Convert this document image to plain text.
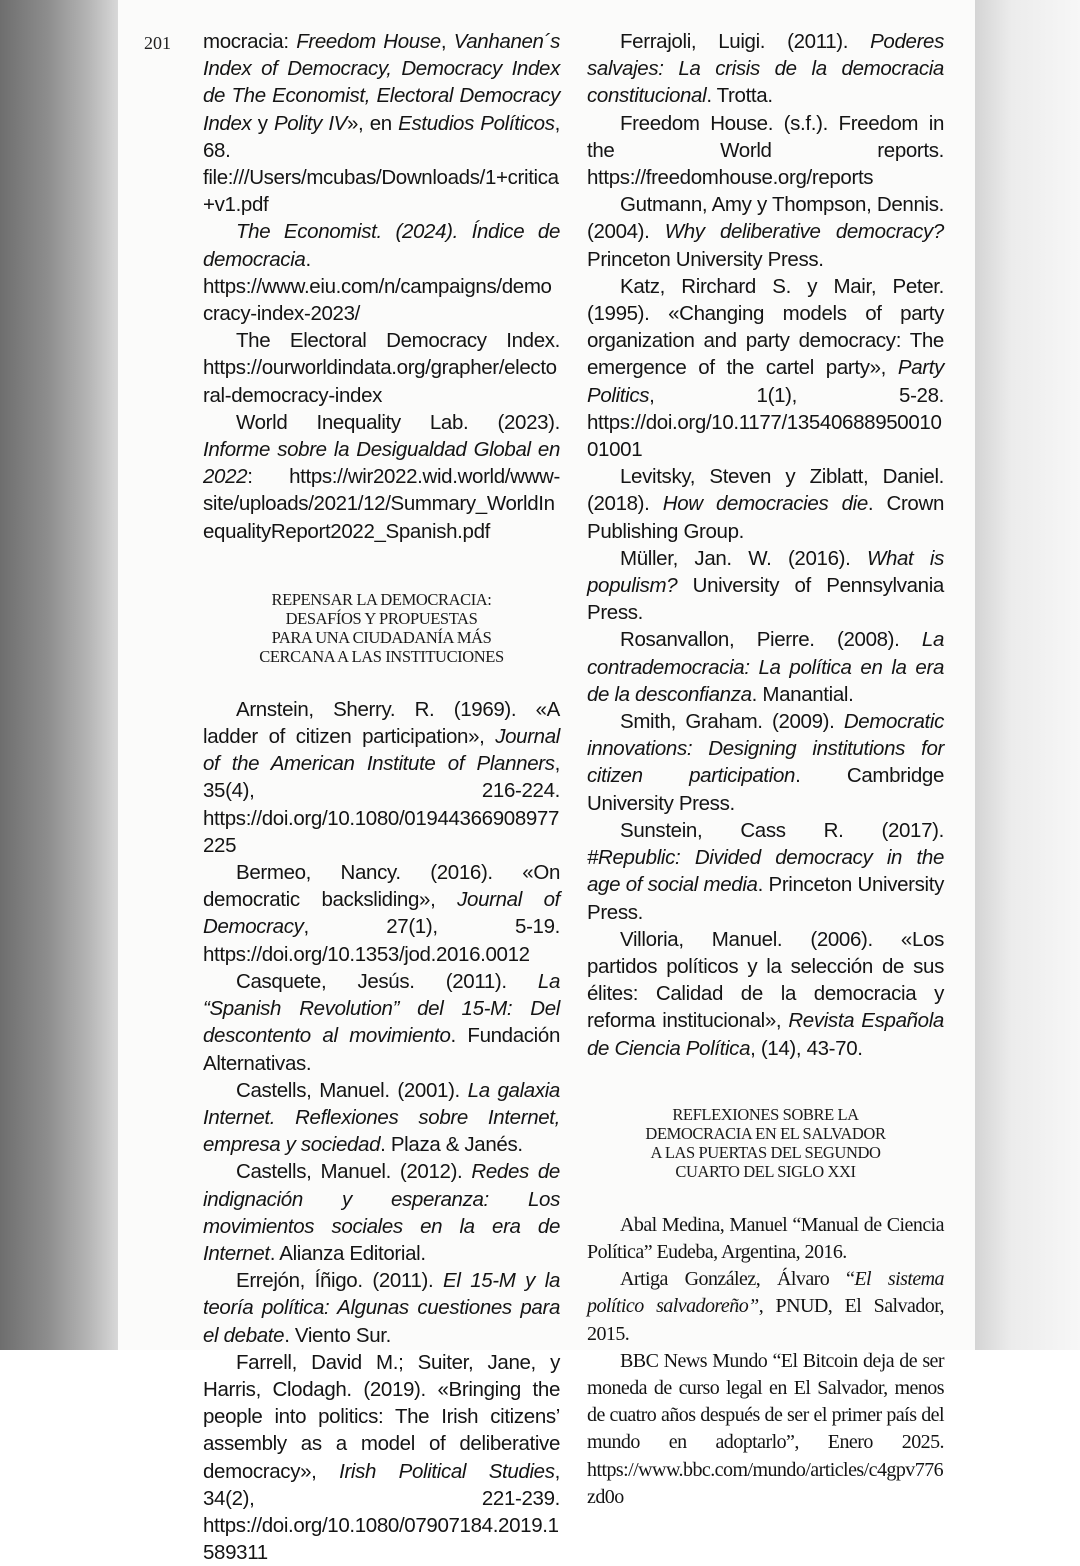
201 mocracia: Freedom House, Vanhanen´s Index of Democracy, Democracy Index de The Economist, Electoral Democracy Index y Polity IV», en Estudios Políticos, 68. file:///Users/mcubas/Downloads/1+critica+v1.pdf

The Economist. (2024). Índice de democracia. https://www.eiu.com/n/campaigns/democracy-index-2023/

The Electoral Democracy Index. https://ourworldindata.org/grapher/electoral-democracy-index

World Inequality Lab. (2023). Informe sobre la Desigualdad Global en 2022: https://wir2022.wid.world/www-site/uploads/2021/12/Summary_WorldInequalityReport2022_Spanish.pdf

REPENSAR LA DEMOCRACIA:
DESAFÍOS Y PROPUESTAS
PARA UNA CIUDADANÍA MÁS
CERCANA A LAS INSTITUCIONES

Arnstein, Sherry. R. (1969). «A ladder of citizen participation», Journal of the American Institute of Planners, 35(4), 216-224. https://doi.org/10.1080/01944366908977225

Bermeo, Nancy. (2016). «On democratic backsliding», Journal of Democracy, 27(1), 5-19. https://doi.org/10.1353/jod.2016.0012

Casquete, Jesús. (2011). La “Spanish Revolution” del 15-M: Del descontento al movimiento. Fundación Alternativas.

Castells, Manuel. (2001). La galaxia Internet. Reflexiones sobre Internet, empresa y sociedad. Plaza & Janés.

Castells, Manuel. (2012). Redes de indignación y esperanza: Los movimientos sociales en la era de Internet. Alianza Editorial.

Errejón, Íñigo. (2011). El 15-M y la teoría política: Algunas cuestiones para el debate. Viento Sur.

Farrell, David M.; Suiter, Jane, y Harris, Clodagh. (2019). «Bringing the people into politics: The Irish citizens’ assembly as a model of deliberative democracy», Irish Political Studies, 34(2), 221-239. https://doi.org/10.1080/07907184.2019.1589311

Ferrajoli, Luigi. (2011). Poderes salvajes: La crisis de la democracia constitucional. Trotta.

Freedom House. (s.f.). Freedom in the World reports. https://freedomhouse.org/reports

Gutmann, Amy y Thompson, Dennis. (2004). Why deliberative democracy? Princeton University Press.

Katz, Rirchard S. y Mair, Peter. (1995). «Changing models of party organization and party democracy: The emergence of the cartel party», Party Politics, 1(1), 5-28. https://doi.org/10.1177/1354068895001001001

Levitsky, Steven y Ziblatt, Daniel. (2018). How democracies die. Crown Publishing Group.

Müller, Jan. W. (2016). What is populism? University of Pennsylvania Press.

Rosanvallon, Pierre. (2008). La contrademocracia: La política en la era de la desconfianza. Manantial.

Smith, Graham. (2009). Democratic innovations: Designing institutions for citizen participation. Cambridge University Press.

Sunstein, Cass R. (2017). #Republic: Divided democracy in the age of social media. Princeton University Press.

Villoria, Manuel. (2006). «Los partidos políticos y la selección de sus élites: Calidad de la democracia y reforma institucional», Revista Española de Ciencia Política, (14), 43-70.

REFLEXIONES SOBRE LA
DEMOCRACIA EN EL SALVADOR
A LAS PUERTAS DEL SEGUNDO
CUARTO DEL SIGLO XXI

Abal Medina, Manuel “Manual de Ciencia Política” Eudeba, Argentina, 2016.

Artiga González, Álvaro “El sistema político salvadoreño”, PNUD, El Salvador, 2015.

BBC News Mundo “El Bitcoin deja de ser moneda de curso legal en El Salvador, menos de cuatro años después de ser el primer país del mundo en adoptarlo”, Enero 2025. https://www.bbc.com/mundo/articles/c4gpv776zd0o
